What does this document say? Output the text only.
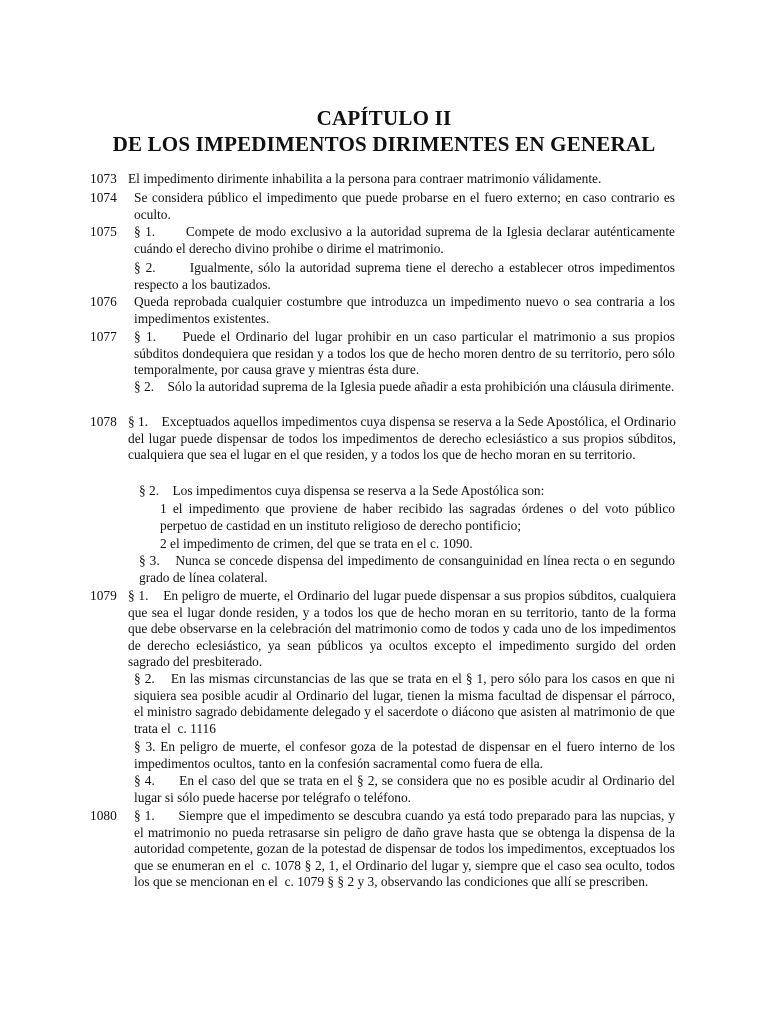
CAPÍTULO II
DE LOS IMPEDIMENTOS DIRIMENTES EN GENERAL
1073 El impedimento dirimente inhabilita a la persona para contraer matrimonio válidamente.
1074 Se considera público el impedimento que puede probarse en el fuero externo; en caso contrario es oculto.
1075 § 1.       Compete de modo exclusivo a la autoridad suprema de la Iglesia declarar auténticamente cuándo el derecho divino prohibe o dirime el matrimonio.
§ 2.       Igualmente, sólo la autoridad suprema tiene el derecho a establecer otros impedimentos respecto a los bautizados.
1076 Queda reprobada cualquier costumbre que introduzca un impedimento nuevo o sea contraria a los impedimentos existentes.
1077 § 1.     Puede el Ordinario del lugar prohibir en un caso particular el matrimonio a sus propios súbditos dondequiera que residan y a todos los que de hecho moren dentro de su territorio, pero sólo temporalmente, por causa grave y mientras ésta dure.
§ 2.    Sólo la autoridad suprema de la Iglesia puede añadir a esta prohibición una cláusula dirimente.
1078 § 1.    Exceptuados aquellos impedimentos cuya dispensa se reserva a la Sede Apostólica, el Ordinario del lugar puede dispensar de todos los impedimentos de derecho eclesiástico a sus propios súbditos, cualquiera que sea el lugar en el que residen, y a todos los que de hecho moran en su territorio.
§ 2.    Los impedimentos cuya dispensa se reserva a la Sede Apostólica son:
1 el impedimento que proviene de haber recibido las sagradas órdenes o del voto público perpetuo de castidad en un instituto religioso de derecho pontificio;
2 el impedimento de crimen, del que se trata en el c. 1090.
§ 3.    Nunca se concede dispensa del impedimento de consanguinidad en línea recta o en segundo grado de línea colateral.
1079 § 1.    En peligro de muerte, el Ordinario del lugar puede dispensar a sus propios súbditos, cualquiera que sea el lugar donde residen, y a todos los que de hecho moran en su territorio, tanto de la forma que debe observarse en la celebración del matrimonio como de todos y cada uno de los impedimentos de derecho eclesiástico, ya sean públicos ya ocultos excepto el impedimento surgido del orden sagrado del presbiterado.
§ 2.    En las mismas circunstancias de las que se trata en el § 1, pero sólo para los casos en que ni siquiera sea posible acudir al Ordinario del lugar, tienen la misma facultad de dispensar el párroco, el ministro sagrado debidamente delegado y el sacerdote o diácono que asisten al matrimonio de que trata el  c. 1116
§ 3. En peligro de muerte, el confesor goza de la potestad de dispensar en el fuero interno de los impedimentos ocultos, tanto en la confesión sacramental como fuera de ella.
§ 4.      En el caso del que se trata en el § 2, se considera que no es posible acudir al Ordinario del lugar si sólo puede hacerse por telégrafo o teléfono.
1080 § 1.      Siempre que el impedimento se descubra cuando ya está todo preparado para las nupcias, y el matrimonio no pueda retrasarse sin peligro de daño grave hasta que se obtenga la dispensa de la autoridad competente, gozan de la potestad de dispensar de todos los impedimentos, exceptuados los que se enumeran en el  c. 1078 § 2, 1, el Ordinario del lugar y, siempre que el caso sea oculto, todos los que se mencionan en el  c. 1079 § § 2 y 3, observando las condiciones que allí se prescriben.
